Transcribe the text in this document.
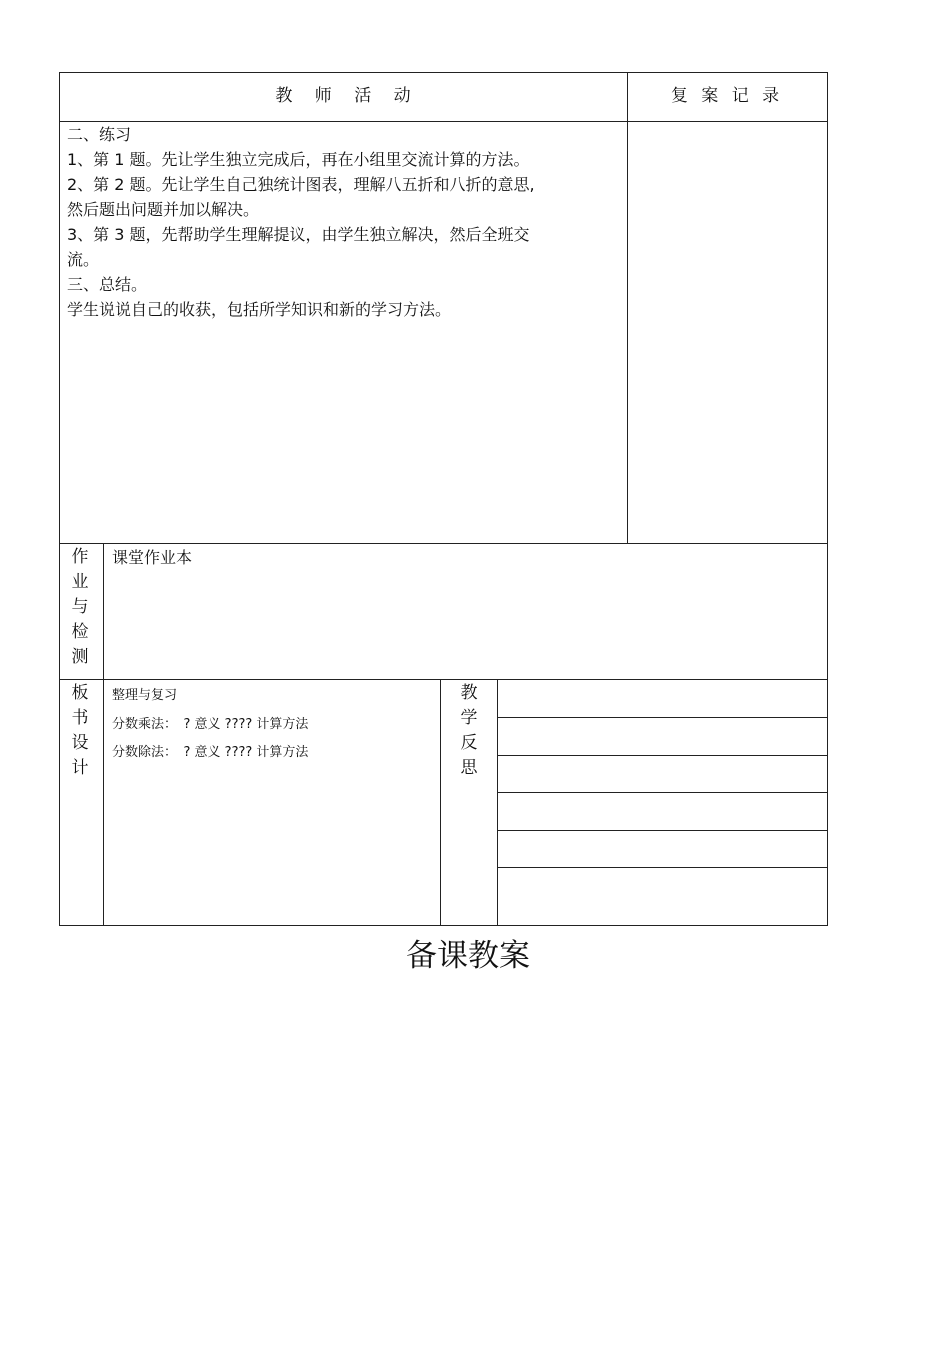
教　 师　 活　 动	复 案 记 录
二、练习
1、第 1 题。先让学生独立完成后，再在小组里交流计算的方法。
2、第 2 题。先让学生自己独统计图表，理解八五折和八折的意思,
然后题出问题并加以解决。
3、第 3 题，先帮助学生理解提议，由学生独立解决，然后全班交
流。
三、总结。
学生说说自己的收获，包括所学知识和新的学习方法。
作
业
与
检
测
课堂作业本
板
书
设
计
整理与复习
分数乘法：　? 意义 ???? 计算方法
分数除法：　? 意义 ???? 计算方法
教
学
反
思
备课教案
